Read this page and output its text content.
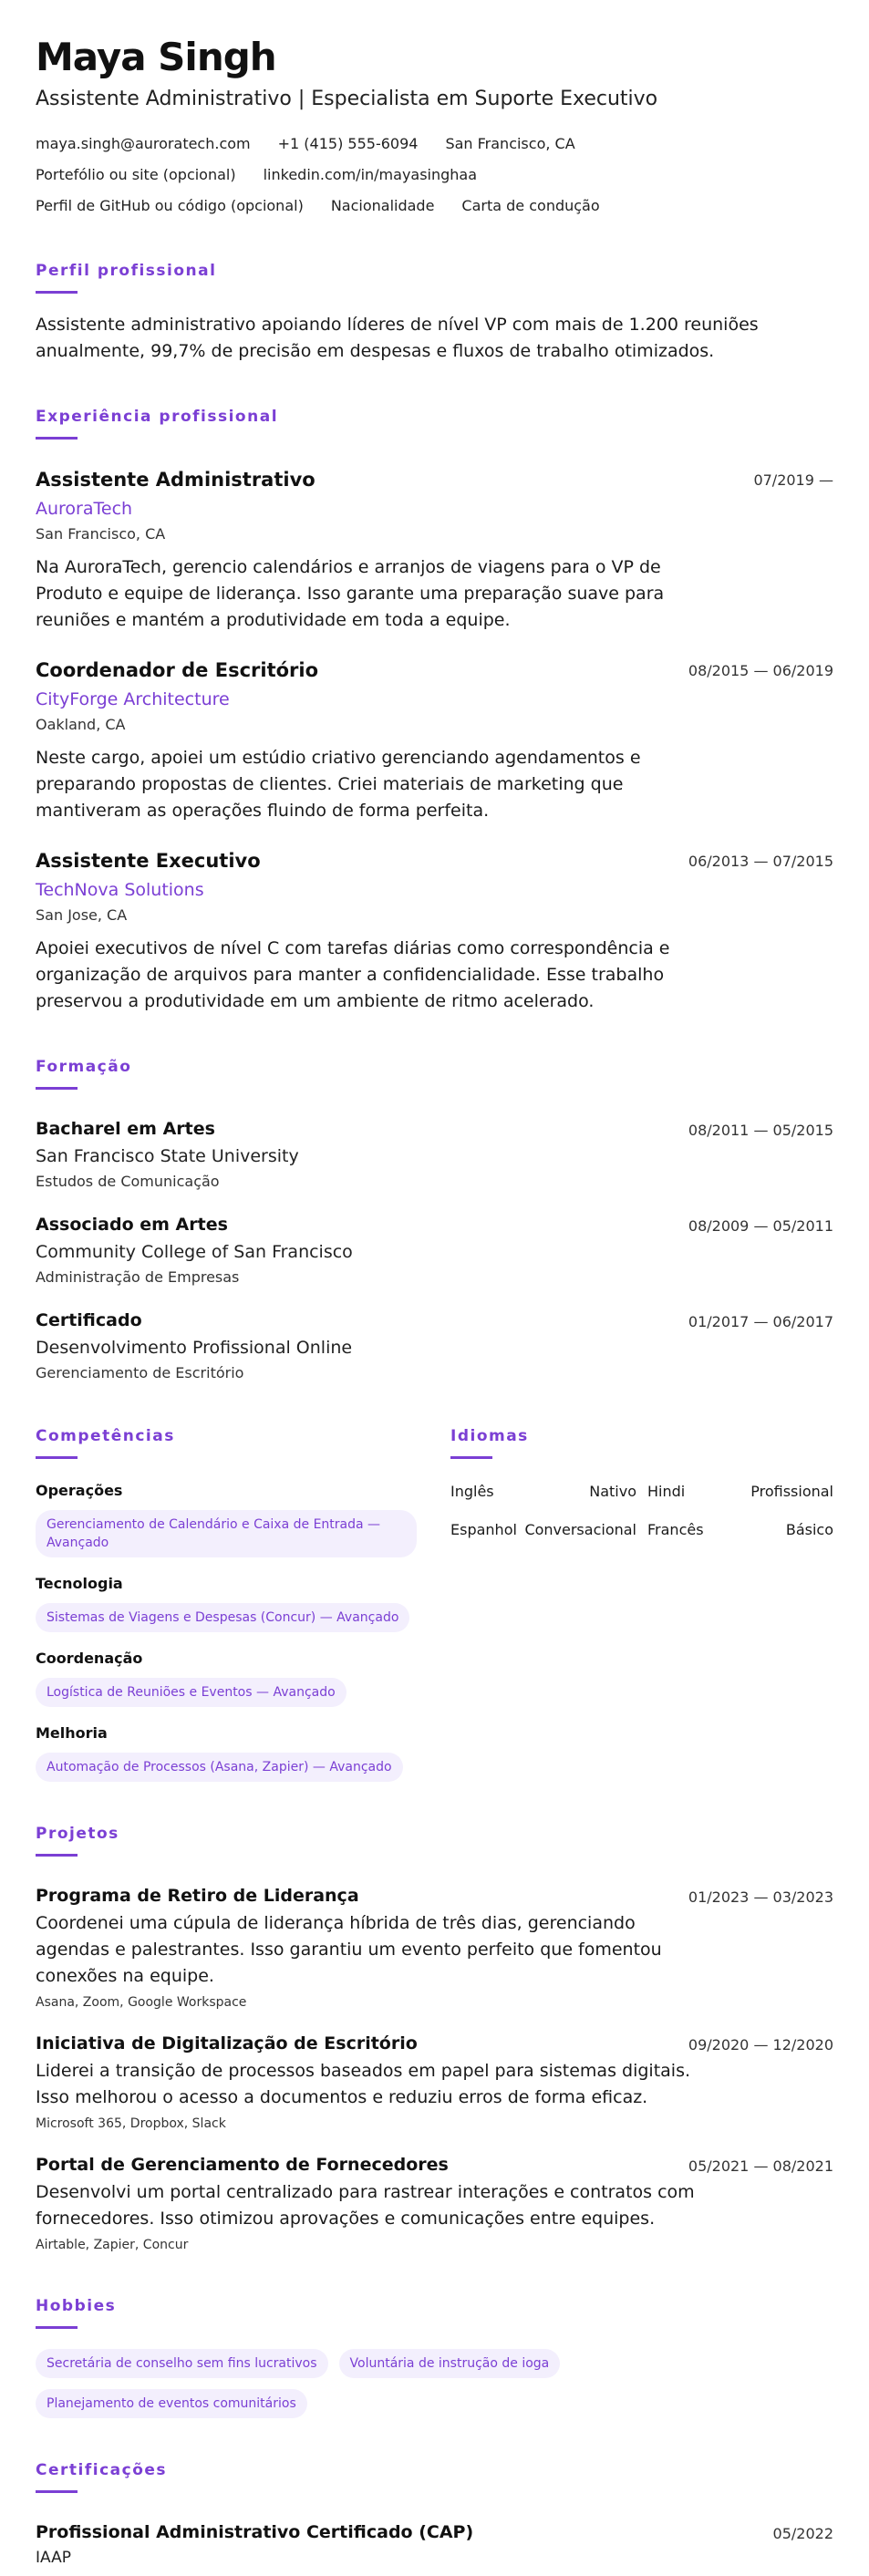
Maya Singh
Assistente Administrativo | Especialista em Suporte Executivo
maya.singh@auroratech.com +1 (415) 555-6094 San Francisco, CA
Portefólio ou site (opcional) linkedin.com/in/mayasinghaa
Perfil de GitHub ou código (opcional) Nacionalidade Carta de condução
Perfil profissional
Assistente administrativo apoiando líderes de nível VP com mais de 1.200 reuniões anualmente, 99,7% de precisão em despesas e fluxos de trabalho otimizados.
Experiência profissional
Assistente Administrativo	07/2019 —
AuroraTech
San Francisco, CA
Na AuroraTech, gerencio calendários e arranjos de viagens para o VP de Produto e equipe de liderança. Isso garante uma preparação suave para reuniões e mantém a produtividade em toda a equipe.
Coordenador de Escritório	08/2015 — 06/2019
CityForge Architecture
Oakland, CA
Neste cargo, apoiei um estúdio criativo gerenciando agendamentos e preparando propostas de clientes. Criei materiais de marketing que mantiveram as operações fluindo de forma perfeita.
Assistente Executivo	06/2013 — 07/2015
TechNova Solutions
San Jose, CA
Apoiei executivos de nível C com tarefas diárias como correspondência e organização de arquivos para manter a confidencialidade. Esse trabalho preservou a produtividade em um ambiente de ritmo acelerado.
Formação
Bacharel em Artes	08/2011 — 05/2015
San Francisco State University
Estudos de Comunicação
Associado em Artes	08/2009 — 05/2011
Community College of San Francisco
Administração de Empresas
Certificado	01/2017 — 06/2017
Desenvolvimento Profissional Online
Gerenciamento de Escritório
Competências
Operações
Gerenciamento de Calendário e Caixa de Entrada — Avançado
Tecnologia
Sistemas de Viagens e Despesas (Concur) — Avançado
Coordenação
Logística de Reuniões e Eventos — Avançado
Melhoria
Automação de Processos (Asana, Zapier) — Avançado
Idiomas
Inglês	Nativo Hindi	Profissional
Espanhol Conversacional Francês	Básico
Projetos
Programa de Retiro de Liderança	01/2023 — 03/2023
Coordenei uma cúpula de liderança híbrida de três dias, gerenciando agendas e palestrantes. Isso garantiu um evento perfeito que fomentou conexões na equipe.
Asana, Zoom, Google Workspace
Iniciativa de Digitalização de Escritório	09/2020 — 12/2020
Liderei a transição de processos baseados em papel para sistemas digitais. Isso melhorou o acesso a documentos e reduziu erros de forma eficaz.
Microsoft 365, Dropbox, Slack
Portal de Gerenciamento de Fornecedores	05/2021 — 08/2021
Desenvolvi um portal centralizado para rastrear interações e contratos com fornecedores. Isso otimizou aprovações e comunicações entre equipes.
Airtable, Zapier, Concur
Hobbies
Secretária de conselho sem fins lucrativos	Voluntária de instrução de ioga
Planejamento de eventos comunitários
Certificações
Profissional Administrativo Certificado (CAP)	05/2022
IAAP
